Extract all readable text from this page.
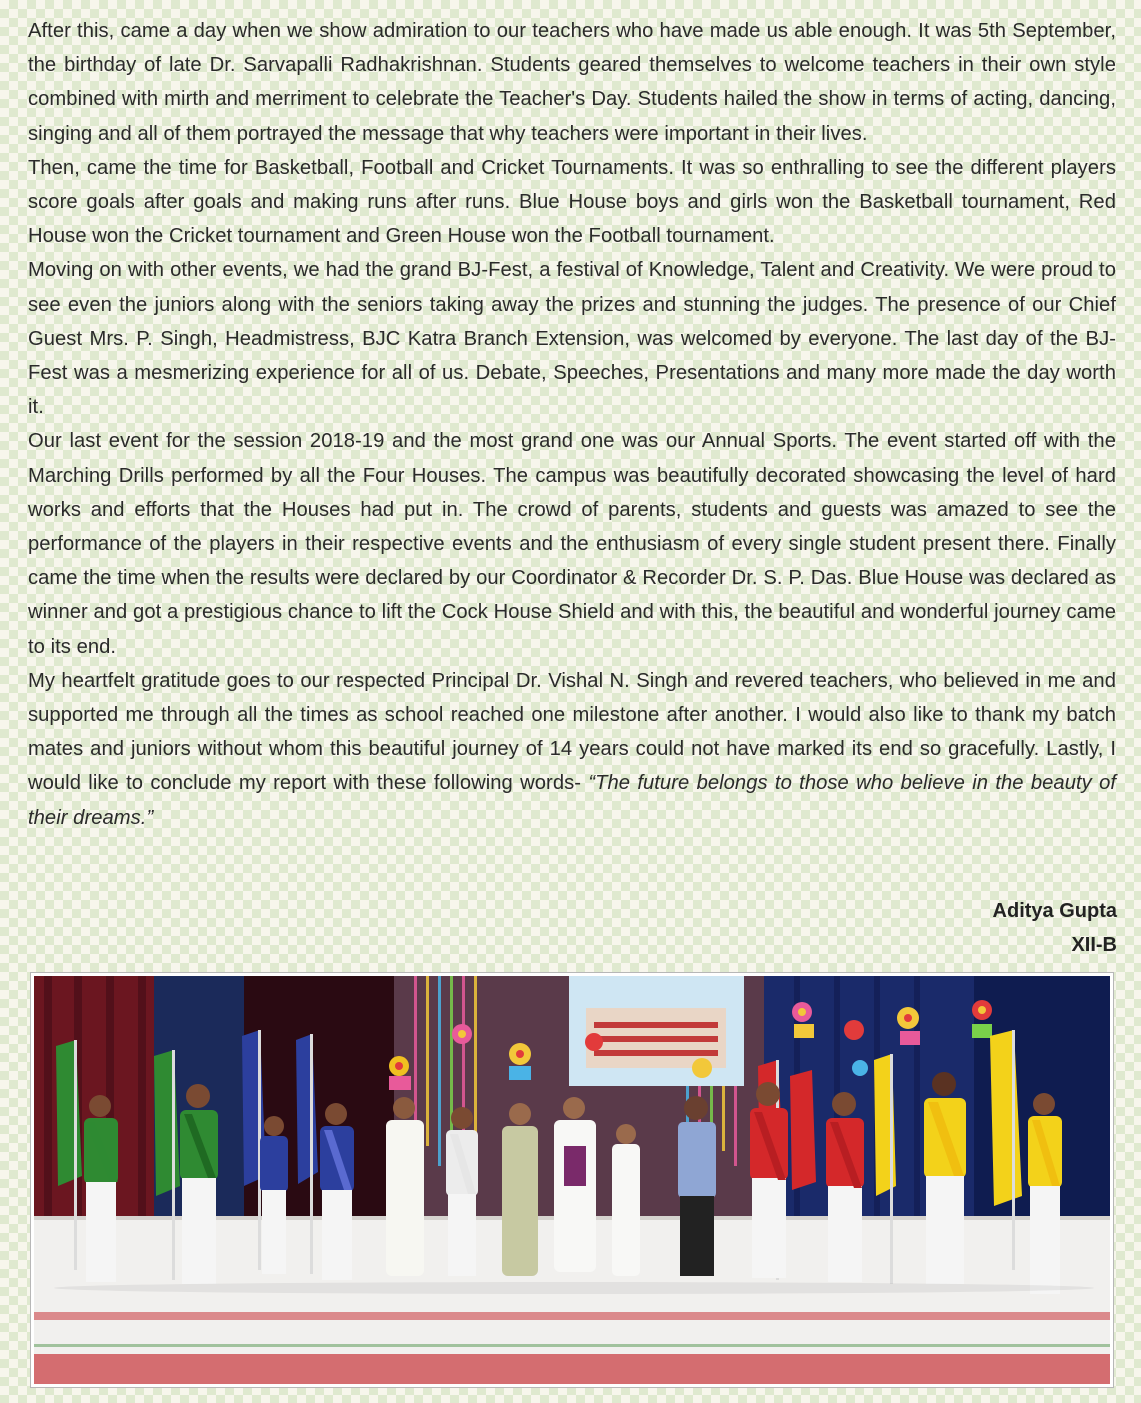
After this, came a day when we show admiration to our teachers who have made us able enough. It was 5th September, the birthday of late Dr. Sarvapalli Radhakrishnan. Students geared themselves to welcome teachers in their own style combined with mirth and merriment to celebrate the Teacher's Day. Students hailed the show in terms of acting, dancing, singing and all of them portrayed the message that why teachers were important in their lives.

Then, came the time for Basketball, Football and Cricket Tournaments. It was so enthralling to see the different players score goals after goals and making runs after runs. Blue House boys and girls won the Basketball tournament, Red House won the Cricket tournament and Green House won the Football tournament.

Moving on with other events, we had the grand BJ-Fest, a festival of Knowledge, Talent and Creativity. We were proud to see even the juniors along with the seniors taking away the prizes and stunning the judges. The presence of our Chief Guest Mrs. P. Singh, Headmistress, BJC Katra Branch Extension, was welcomed by everyone. The last day of the BJ-Fest was a mesmerizing experience for all of us. Debate, Speeches, Presentations and many more made the day worth it.

Our last event for the session 2018-19 and the most grand one was our Annual Sports. The event started off with the Marching Drills performed by all the Four Houses. The campus was beautifully decorated showcasing the level of hard works and efforts that the Houses had put in. The crowd of parents, students and guests was amazed to see the performance of the players in their respective events and the enthusiasm of every single student present there. Finally came the time when the results were declared by our Coordinator & Recorder Dr. S. P. Das. Blue House was declared as winner and got a prestigious chance to lift the Cock House Shield and with this, the beautiful and wonderful journey came to its end.

My heartfelt gratitude goes to our respected Principal Dr. Vishal N. Singh and revered teachers, who believed in me and supported me through all the times as school reached one milestone after another. I would also like to thank my batch mates and juniors without whom this beautiful journey of 14 years could not have marked its end so gracefully. Lastly, I would like to conclude my report with these following words- “The future belongs to those who believe in the beauty of their dreams.”

Aditya Gupta
XII-B
